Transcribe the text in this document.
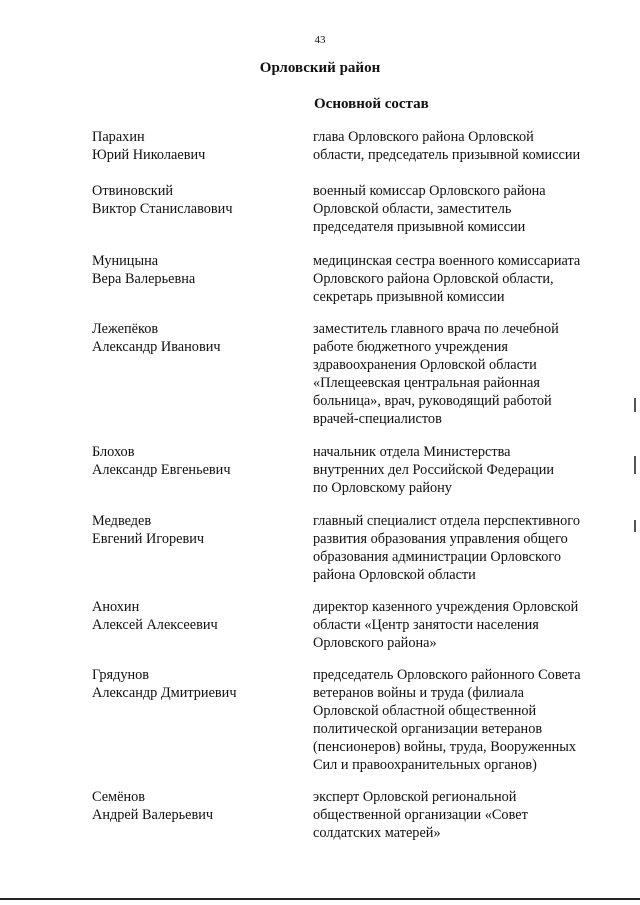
43
Орловский район
Основной состав
Парахин
Юрий Николаевич
глава Орловского района Орловской
области, председатель призывной комиссии
Отвиновский
Виктор Станиславович
военный комиссар Орловского района
Орловской области, заместитель
председателя призывной комиссии
Муницына
Вера Валерьевна
медицинская сестра военного комиссариата
Орловского района Орловской области,
секретарь призывной комиссии
Лежепёков
Александр Иванович
заместитель главного врача по лечебной
работе бюджетного учреждения
здравоохранения Орловской области
«Плещеевская центральная районная
больница», врач, руководящий работой
врачей-специалистов
Блохов
Александр Евгеньевич
начальник отдела Министерства
внутренних дел Российской Федерации
по Орловскому району
Медведев
Евгений Игоревич
главный специалист отдела перспективного
развития образования управления общего
образования администрации Орловского
района Орловской области
Анохин
Алексей Алексеевич
директор казенного учреждения Орловской
области «Центр занятости населения
Орловского района»
Грядунов
Александр Дмитриевич
председатель Орловского районного Совета
ветеранов войны и труда (филиала
Орловской областной общественной
политической организации ветеранов
(пенсионеров) войны, труда, Вооруженных
Сил и правоохранительных органов)
Семёнов
Андрей Валерьевич
эксперт Орловской региональной
общественной организации «Совет
солдатских матерей»
